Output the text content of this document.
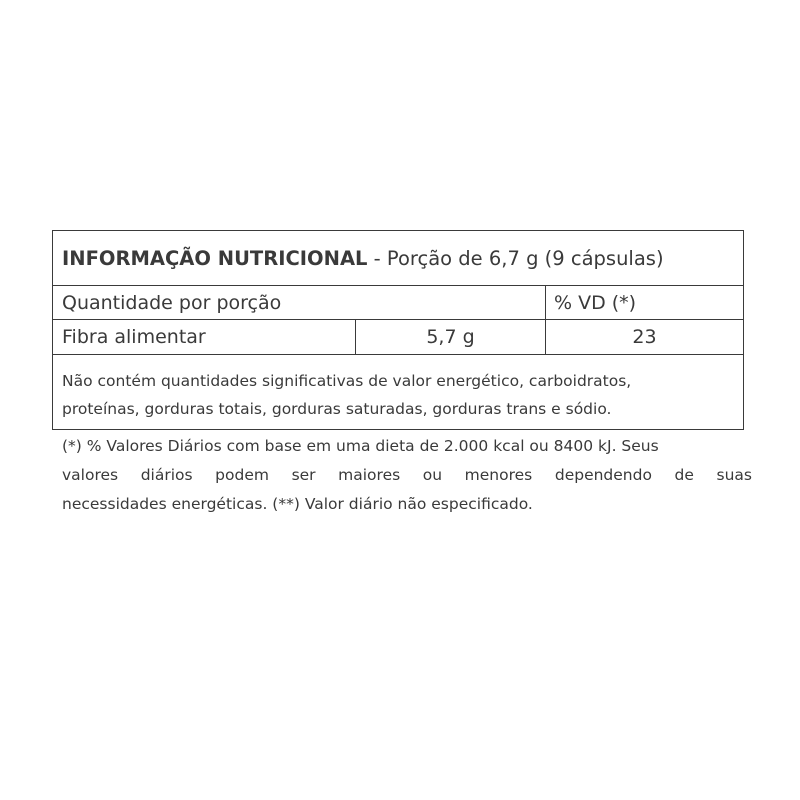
INFORMAÇÃO NUTRICIONAL - Porção de 6,7 g (9 cápsulas)
Quantidade por porção	% VD (*)
Fibra alimentar	5,7 g	23
Não contém quantidades significativas de valor energético, carboidratos,
proteínas, gorduras totais, gorduras saturadas, gorduras trans e sódio.
(*) % Valores Diários com base em uma dieta de 2.000 kcal ou 8400 kJ. Seus
valores diários podem ser maiores ou menores dependendo de suas
necessidades energéticas. (**) Valor diário não especificado.
